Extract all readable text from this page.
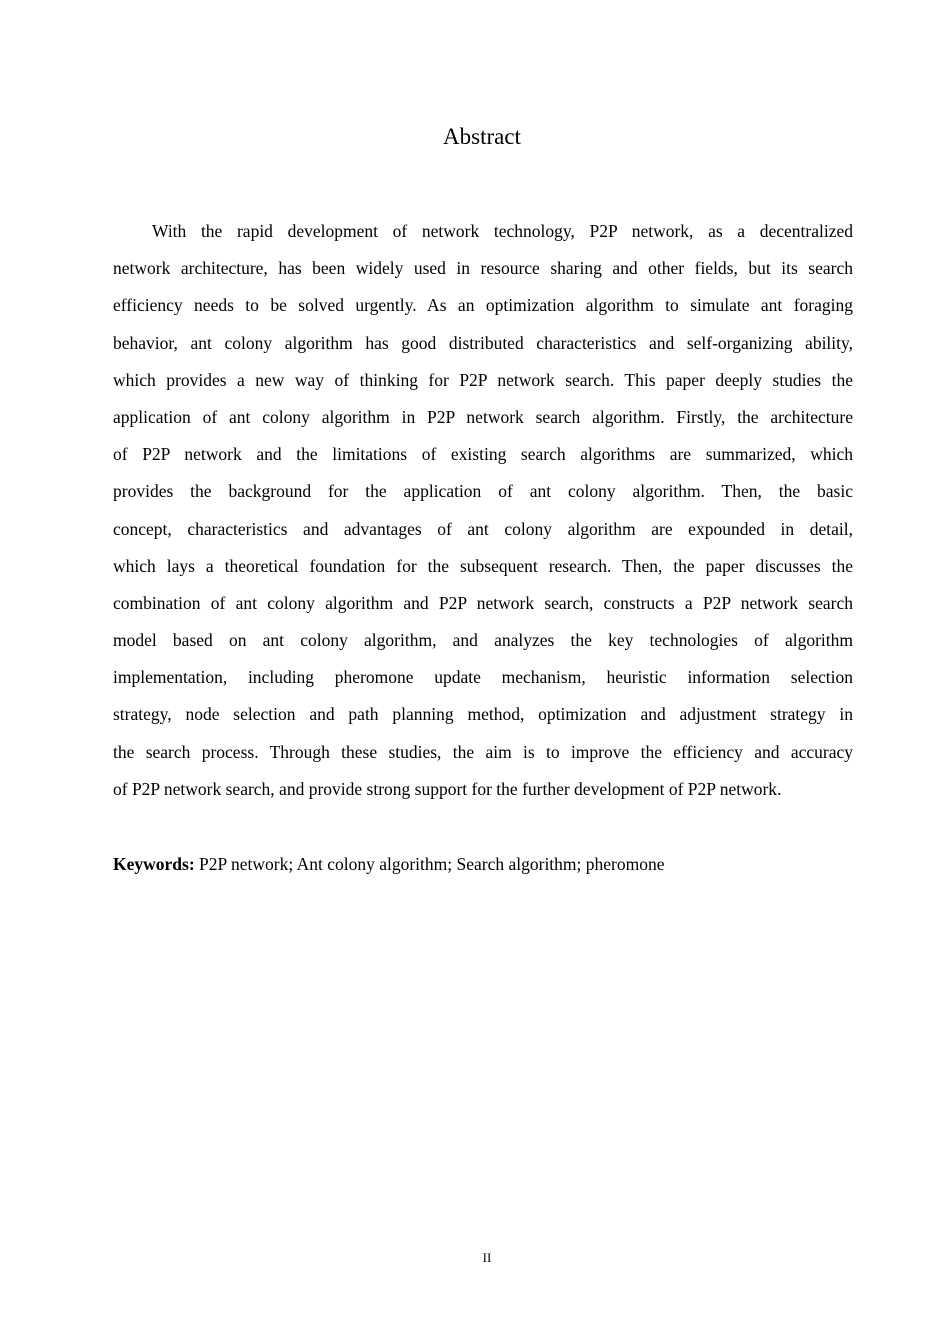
Abstract
With the rapid development of network technology, P2P network, as a decentralized
network architecture, has been widely used in resource sharing and other fields, but its search
efficiency needs to be solved urgently. As an optimization algorithm to simulate ant foraging
behavior, ant colony algorithm has good distributed characteristics and self-organizing ability,
which provides a new way of thinking for P2P network search. This paper deeply studies the
application of ant colony algorithm in P2P network search algorithm. Firstly, the architecture
of P2P network and the limitations of existing search algorithms are summarized, which
provides the background for the application of ant colony algorithm. Then, the basic
concept, characteristics and advantages of ant colony algorithm are expounded in detail,
which lays a theoretical foundation for the subsequent research. Then, the paper discusses the
combination of ant colony algorithm and P2P network search, constructs a P2P network search
model based on ant colony algorithm, and analyzes the key technologies of algorithm
implementation, including pheromone update mechanism, heuristic information selection
strategy, node selection and path planning method, optimization and adjustment strategy in
the search process. Through these studies, the aim is to improve the efficiency and accuracy
of P2P network search, and provide strong support for the further development of P2P network.
Keywords: P2P network; Ant colony algorithm; Search algorithm; pheromone
II
